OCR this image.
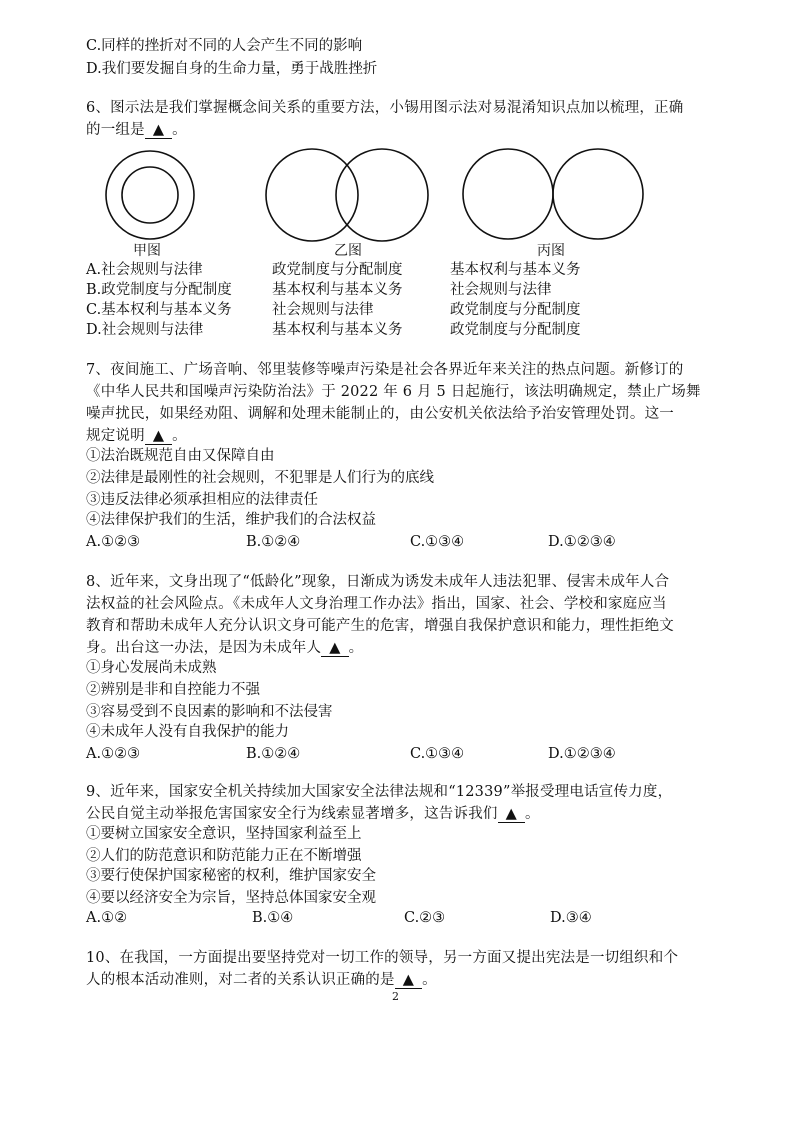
C.同样的挫折对不同的人会产生不同的影响
D.我们要发掘自身的生命力量，勇于战胜挫折
6、图示法是我们掌握概念间关系的重要方法，小锡用图示法对易混淆知识点加以梳理，正确
的一组是 ▲ 。
甲图	乙图	丙图
A.社会规则与法律	政党制度与分配制度	基本权利与基本义务
B.政党制度与分配制度	基本权利与基本义务	社会规则与法律
C.基本权利与基本义务	社会规则与法律	政党制度与分配制度
D.社会规则与法律	基本权利与基本义务	政党制度与分配制度
7、夜间施工、广场音响、邻里装修等噪声污染是社会各界近年来关注的热点问题。新修订的
《中华人民共和国噪声污染防治法》于 2022 年 6 月 5 日起施行，该法明确规定，禁止广场舞
噪声扰民，如果经劝阻、调解和处理未能制止的，由公安机关依法给予治安管理处罚。这一
规定说明 ▲ 。
①法治既规范自由又保障自由
②法律是最刚性的社会规则，不犯罪是人们行为的底线
③违反法律必须承担相应的法律责任
④法律保护我们的生活，维护我们的合法权益
A.①②③	B.①②④	C.①③④	D.①②③④
8、近年来，文身出现了“低龄化”现象，日渐成为诱发未成年人违法犯罪、侵害未成年人合
法权益的社会风险点。《未成年人文身治理工作办法》指出，国家、社会、学校和家庭应当
教育和帮助未成年人充分认识文身可能产生的危害，增强自我保护意识和能力，理性拒绝文
身。出台这一办法，是因为未成年人 ▲ 。
①身心发展尚未成熟
②辨别是非和自控能力不强
③容易受到不良因素的影响和不法侵害
④未成年人没有自我保护的能力
A.①②③	B.①②④	C.①③④	D.①②③④
9、近年来，国家安全机关持续加大国家安全法律法规和“12339”举报受理电话宣传力度，
公民自觉主动举报危害国家安全行为线索显著增多，这告诉我们 ▲ 。
①要树立国家安全意识，坚持国家利益至上
②人们的防范意识和防范能力正在不断增强
③要行使保护国家秘密的权利，维护国家安全
④要以经济安全为宗旨，坚持总体国家安全观
A.①②	B.①④	C.②③	D.③④
10、在我国，一方面提出要坚持党对一切工作的领导，另一方面又提出宪法是一切组织和个
人的根本活动准则，对二者的关系认识正确的是 ▲ 。
2
